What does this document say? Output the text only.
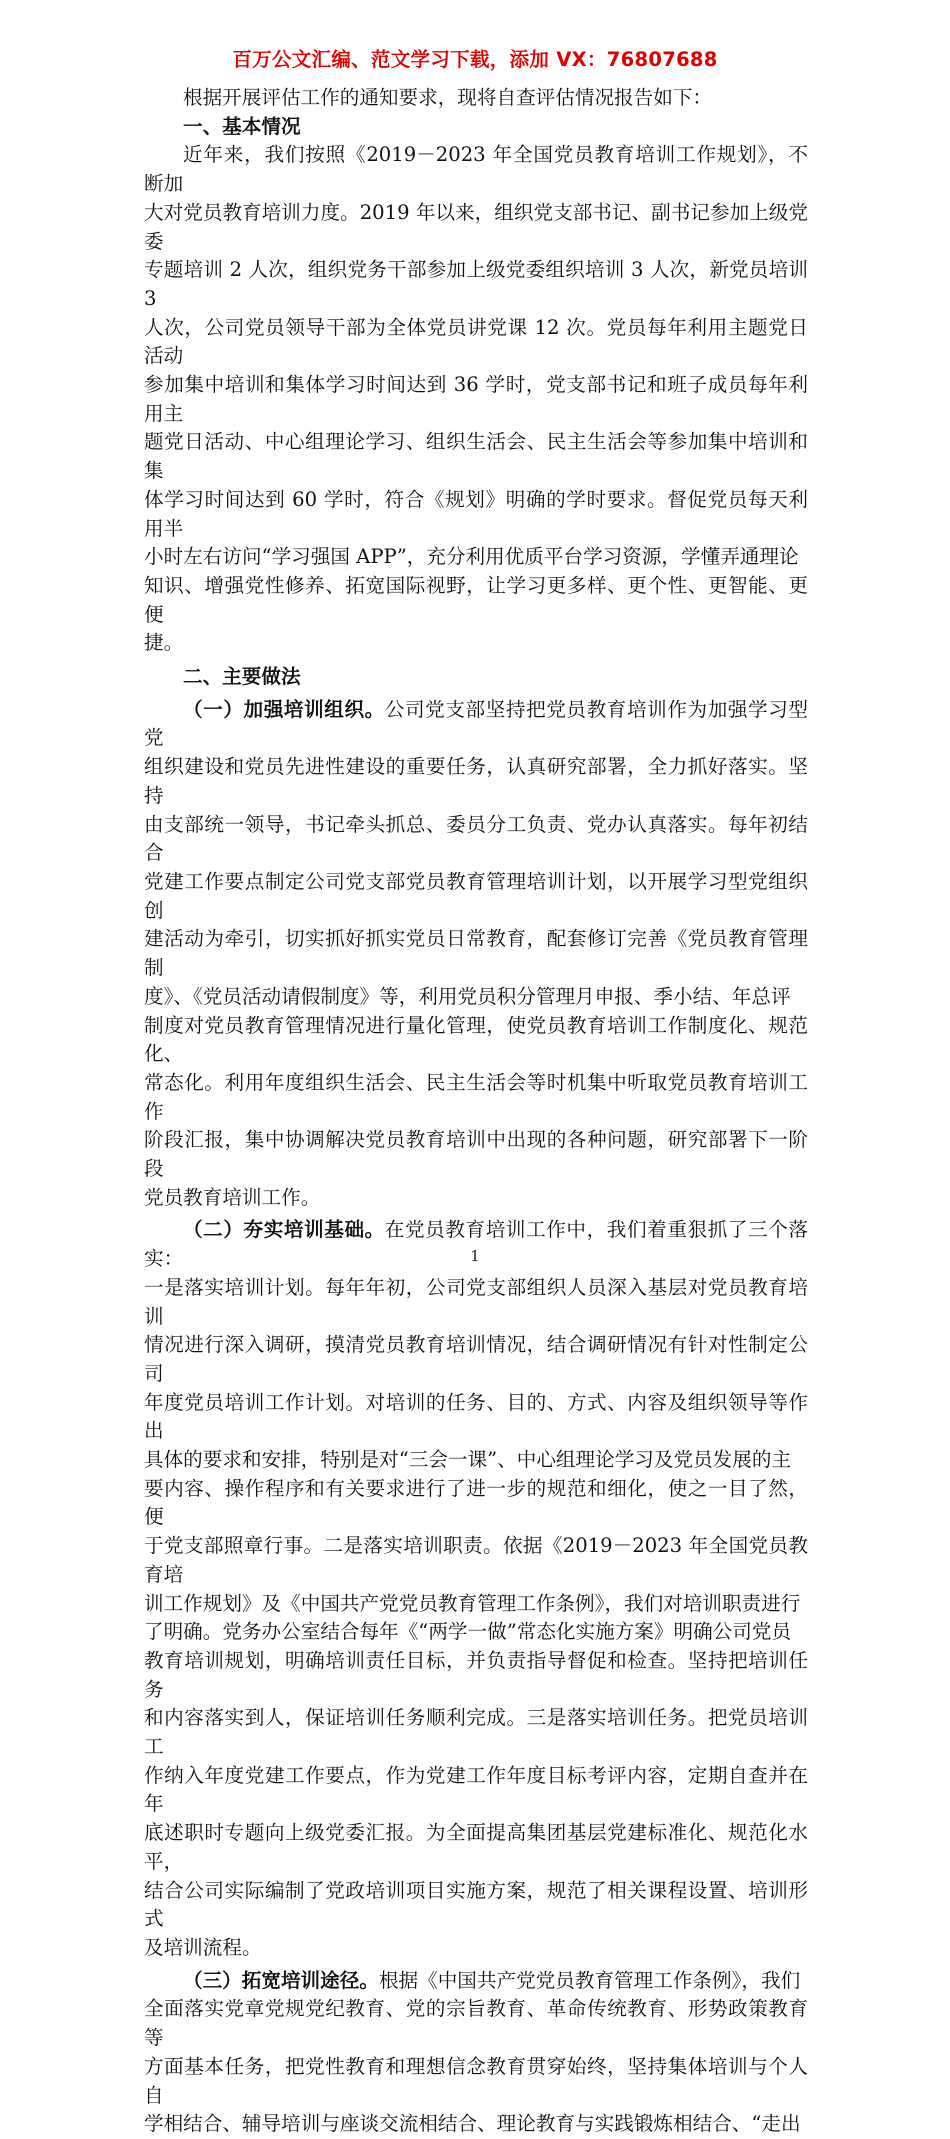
百万公文汇编、范文学习下载，添加 VX：76807688

根据开展评估工作的通知要求，现将自查评估情况报告如下：

一、基本情况

近年来，我们按照《2019－2023 年全国党员教育培训工作规划》，不断加
大对党员教育培训力度。2019 年以来，组织党支部书记、副书记参加上级党委
专题培训 2 人次，组织党务干部参加上级党委组织培训 3 人次，新党员培训 3
人次，公司党员领导干部为全体党员讲党课 12 次。党员每年利用主题党日活动
参加集中培训和集体学习时间达到 36 学时，党支部书记和班子成员每年利用主
题党日活动、中心组理论学习、组织生活会、民主生活会等参加集中培训和集
体学习时间达到 60 学时，符合《规划》明确的学时要求。督促党员每天利用半
小时左右访问“学习强国 APP”，充分利用优质平台学习资源，学懂弄通理论
知识、增强党性修养、拓宽国际视野，让学习更多样、更个性、更智能、更便
捷。

二、主要做法

（一）加强培训组织。公司党支部坚持把党员教育培训作为加强学习型党
组织建设和党员先进性建设的重要任务，认真研究部署，全力抓好落实。坚持
由支部统一领导，书记牵头抓总、委员分工负责、党办认真落实。每年初结合
党建工作要点制定公司党支部党员教育管理培训计划，以开展学习型党组织创
建活动为牵引，切实抓好抓实党员日常教育，配套修订完善《党员教育管理制
度》、《党员活动请假制度》等，利用党员积分管理月申报、季小结、年总评
制度对党员教育管理情况进行量化管理，使党员教育培训工作制度化、规范化、
常态化。利用年度组织生活会、民主生活会等时机集中听取党员教育培训工作
阶段汇报，集中协调解决党员教育培训中出现的各种问题，研究部署下一阶段
党员教育培训工作。

（二）夯实培训基础。在党员教育培训工作中，我们着重狠抓了三个落实：
一是落实培训计划。每年年初，公司党支部组织人员深入基层对党员教育培训
情况进行深入调研，摸清党员教育培训情况，结合调研情况有针对性制定公司
年度党员培训工作计划。对培训的任务、目的、方式、内容及组织领导等作出
具体的要求和安排，特别是对“三会一课”、中心组理论学习及党员发展的主
要内容、操作程序和有关要求进行了进一步的规范和细化，使之一目了然，便
于党支部照章行事。二是落实培训职责。依据《2019－2023 年全国党员教育培
训工作规划》及《中国共产党党员教育管理工作条例》，我们对培训职责进行
了明确。党务办公室结合每年《“两学一做”常态化实施方案》明确公司党员
教育培训规划，明确培训责任目标，并负责指导督促和检查。坚持把培训任务
和内容落实到人，保证培训任务顺利完成。三是落实培训任务。把党员培训工
作纳入年度党建工作要点，作为党建工作年度目标考评内容，定期自查并在年
底述职时专题向上级党委汇报。为全面提高集团基层党建标准化、规范化水平，
结合公司实际编制了党政培训项目实施方案，规范了相关课程设置、培训形式
及培训流程。

（三）拓宽培训途径。根据《中国共产党党员教育管理工作条例》，我们
全面落实党章党规党纪教育、党的宗旨教育、革命传统教育、形势政策教育等
方面基本任务，把党性教育和理想信念教育贯穿始终，坚持集体培训与个人自
学相结合、辅导培训与座谈交流相结合、理论教育与实践锻炼相结合、“走出

1
